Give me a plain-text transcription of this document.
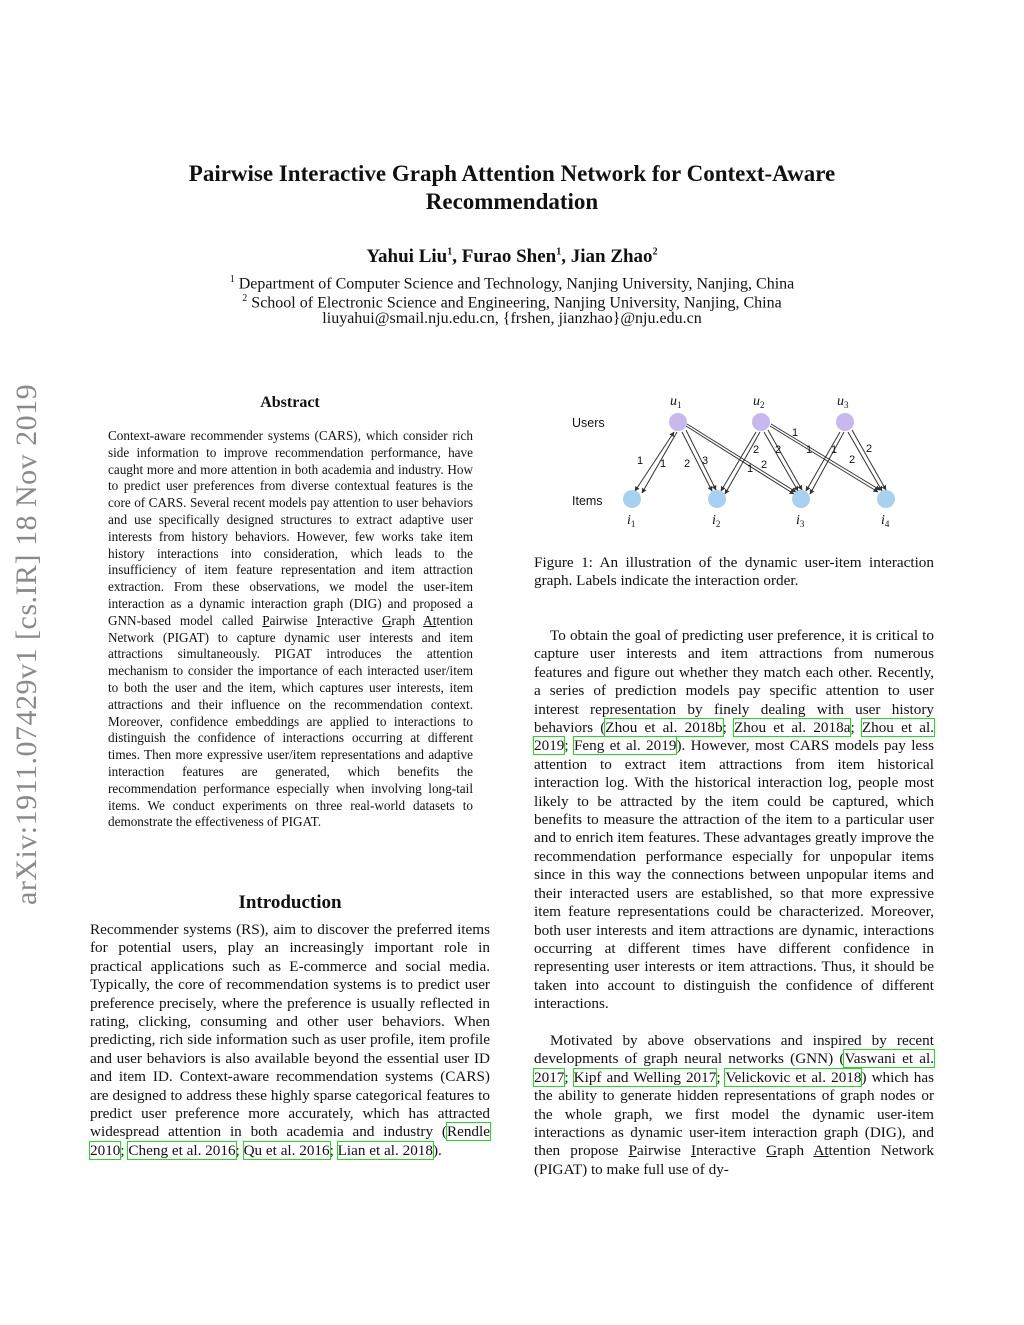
arXiv:1911.07429v1 [cs.IR] 18 Nov 2019
Pairwise Interactive Graph Attention Network for Context-Aware
Recommendation
Yahui Liu$^1$, Furao Shen$^1$, Jian Zhao$^2$
$^1$ Department of Computer Science and Technology, Nanjing University, Nanjing, China
$^2$ School of Electronic Science and Engineering, Nanjing University, Nanjing, China
liuyahui@smail.nju.edu.cn, {frshen, jianzhao}@nju.edu.cn
Abstract
Context-aware recommender systems (CARS), which consider rich side information to improve recommendation performance, have caught more and more attention in both academia and industry. How to predict user preferences from diverse contextual features is the core of CARS. Several recent models pay attention to user behaviors and use specifically designed structures to extract adaptive user interests from history behaviors. However, few works take item history interactions into consideration, which leads to the insufficiency of item feature representation and item attraction extraction. From these observations, we model the user-item interaction as a dynamic interaction graph (DIG) and proposed a GNN-based model called Pairwise Interactive Graph Attention Network (PIGAT) to capture dynamic user interests and item attractions simultaneously. PIGAT introduces the attention mechanism to consider the importance of each interacted user/item to both the user and the item, which captures user interests, item attractions and their influence on the recommendation context. Moreover, confidence embeddings are applied to interactions to distinguish the confidence of interactions occurring at different times. Then more expressive user/item representations and adaptive interaction features are generated, which benefits the recommendation performance especially when involving long-tail items. We conduct experiments on three real-world datasets to demonstrate the effectiveness of PIGAT.
Introduction
Recommender systems (RS), aim to discover the preferred items for potential users, play an increasingly important role in practical applications such as E-commerce and social media. Typically, the core of recommendation systems is to predict user preference precisely, where the preference is usually reflected in rating, clicking, consuming and other user behaviors. When predicting, rich side information such as user profile, item profile and user behaviors is also available beyond the essential user ID and item ID. Context-aware recommendation systems (CARS) are designed to address these highly sparse categorical features to predict user preference more accurately, which has attracted widespread attention in both academia and industry (Rendle 2010; Cheng et al. 2016; Qu et al. 2016; Lian et al. 2018).
Users
Items
1 1 2 3
2
1 2
2
1
1 1
2
2
$u_1$	$u_2$	$u_3$
$i_1$	$i_2$	$i_3$	$i_4$
Figure 1: An illustration of the dynamic user-item interaction graph. Labels indicate the interaction order.
To obtain the goal of predicting user preference, it is critical to capture user interests and item attractions from numerous features and figure out whether they match each other. Recently, a series of prediction models pay specific attention to user interest representation by finely dealing with user history behaviors (Zhou et al. 2018b; Zhou et al. 2018a; Zhou et al. 2019; Feng et al. 2019). However, most CARS models pay less attention to extract item attractions from item historical interaction log. With the historical interaction log, people most likely to be attracted by the item could be captured, which benefits to measure the attraction of the item to a particular user and to enrich item features. These advantages greatly improve the recommendation performance especially for unpopular items since in this way the connections between unpopular items and their interacted users are established, so that more expressive item feature representations could be characterized. Moreover, both user interests and item attractions are dynamic, interactions occurring at different times have different confidence in representing user interests or item attractions. Thus, it should be taken into account to distinguish the confidence of different interactions.
Motivated by above observations and inspired by recent developments of graph neural networks (GNN) (Vaswani et al. 2017; Kipf and Welling 2017; Velickovic et al. 2018) which has the ability to generate hidden representations of graph nodes or the whole graph, we first model the dynamic user-item interactions as dynamic user-item interaction graph (DIG), and then propose Pairwise Interactive Graph Attention Network (PIGAT) to make full use of dy-
